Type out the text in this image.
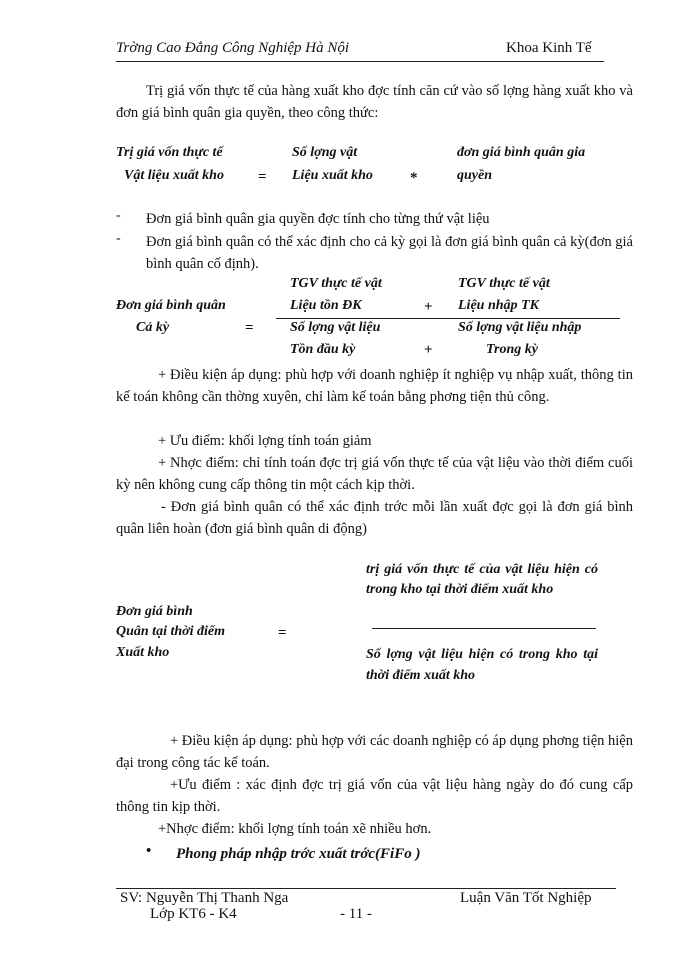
Trờng Cao Đẳng Công Nghiệp Hà Nội	Khoa Kinh Tế
Trị giá vốn thực tế của hàng xuất kho đợc tính căn cứ vào số lợng hàng xuất kho và đơn giá bình quân gia quyền, theo công thức:
Trị giá vốn thực tế
Vật liệu xuất kho =
Số lợng vật
Liệu xuất kho *
đơn giá bình quân gia
quyền
- Đơn giá bình quân gia quyền đợc tính cho từng thứ vật liệu
- Đơn giá bình quân có thể xác định cho cả kỳ gọi là đơn giá bình quân cả kỳ(đơn giá bình quân cố định).
TGV thực tế vật
Liệu tồn ĐK	+
TGV thực tế vật
Liệu nhập TK
Đơn giá bình quân
Cả kỳ	=	Số lợng vật liệu
Tồn đầu kỳ	+
Số lợng vật liệu nhập
Trong kỳ
+ Điều kiện áp dụng: phù hợp với doanh nghiệp ít nghiệp vụ nhập xuất, thông tin kế toán không cần thờng xuyên, chỉ làm kế toán bằng phơng tiện thủ công.
+ Ưu điểm: khối lợng tính toán giảm
+ Nhợc điểm: chỉ tính toán đợc trị giá vốn thực tế của vật liệu vào thời điểm cuối kỳ nên không cung cấp thông tin một cách kịp thời.
- Đơn giá bình quân có thể xác định trớc mỗi lần xuất đợc gọi là đơn giá bình quân liên hoàn (đơn giá bình quân di động)
trị giá vốn thực tế của vật liệu hiện có trong kho tại thời điểm xuất kho
Đơn giá bình
Quân tại thời điểm
Xuất kho
=
Số lợng vật liệu hiện có trong kho tại thời điểm xuất kho
+ Điều kiện áp dụng: phù hợp với các doanh nghiệp có áp dụng phơng tiện hiện đại trong công tác kế toán.
+Ưu điểm : xác định đợc trị giá vốn của vật liệu hàng ngày do đó cung cấp thông tin kịp thời.
+Nhợc điểm: khối lợng tính toán xẽ nhiều hơn.
• Phong pháp nhập trớc xuất trớc(FiFo )
SV: Nguyễn Thị Thanh Nga	Luận Văn Tốt Nghiệp
Lớp KT6 - K4	- 11 -
